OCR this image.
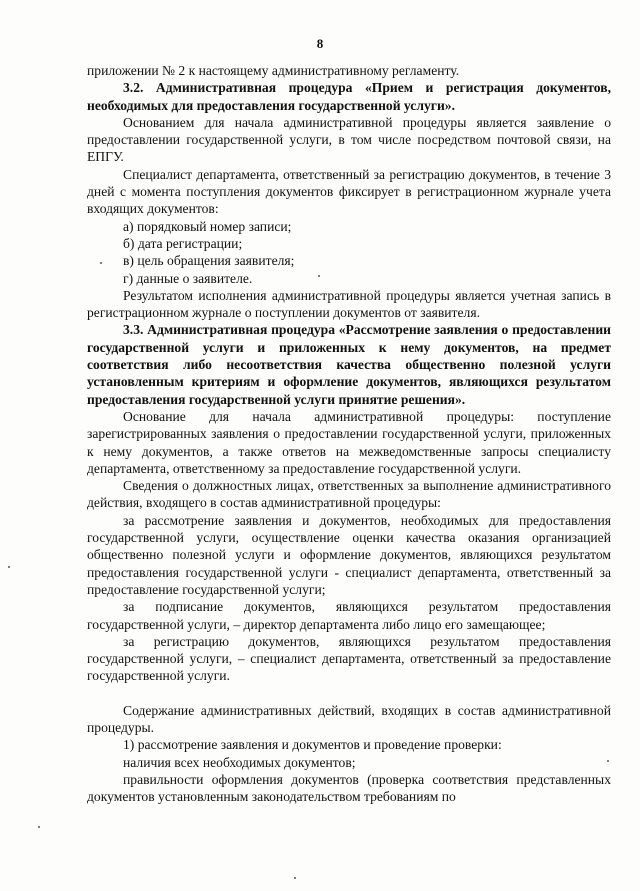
8

приложении № 2 к настоящему административному регламенту.

3.2. Административная процедура «Прием и регистрация документов, необходимых для предоставления государственной услуги».

Основанием для начала административной процедуры является заявление о предоставлении государственной услуги, в том числе посредством почтовой связи, на ЕПГУ.

Специалист департамента, ответственный за регистрацию документов, в течение 3 дней с момента поступления документов фиксирует в регистрационном журнале учета входящих документов:

а) порядковый номер записи;

б) дата регистрации;

в) цель обращения заявителя;

г) данные о заявителе.

Результатом исполнения административной процедуры является учетная запись в регистрационном журнале о поступлении документов от заявителя.

3.3. Административная процедура «Рассмотрение заявления о предоставлении государственной услуги и приложенных к нему документов, на предмет соответствия либо несоответствия качества общественно полезной услуги установленным критериям и оформление документов, являющихся результатом предоставления государственной услуги принятие решения».

Основание для начала административной процедуры: поступление зарегистрированных заявления о предоставлении государственной услуги, приложенных к нему документов, а также ответов на межведомственные запросы специалисту департамента, ответственному за предоставление государственной услуги.

Сведения о должностных лицах, ответственных за выполнение административного действия, входящего в состав административной процедуры:

за рассмотрение заявления и документов, необходимых для предоставления государственной услуги, осуществление оценки качества оказания организацией общественно полезной услуги и оформление документов, являющихся результатом предоставления государственной услуги - специалист департамента, ответственный за предоставление государственной услуги;

за подписание документов, являющихся результатом предоставления государственной услуги, – директор департамента либо лицо его замещающее;

за регистрацию документов, являющихся результатом предоставления государственной услуги, – специалист департамента, ответственный за предоставление государственной услуги.

Содержание административных действий, входящих в состав административной процедуры.

1) рассмотрение заявления и документов и проведение проверки:

наличия всех необходимых документов;

правильности оформления документов (проверка соответствия представленных документов установленным законодательством требованиям по
